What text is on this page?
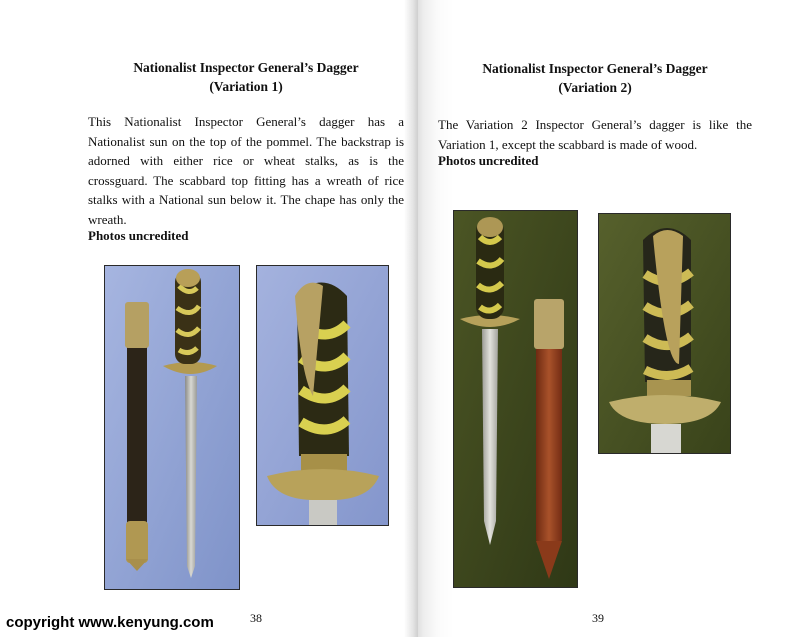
Nationalist Inspector General’s Dagger
(Variation 1)
This Nationalist Inspector General’s dagger has a Nationalist sun on the top of the pommel. The backstrap is adorned with either rice or wheat stalks, as is the crossguard. The scabbard top fitting has a wreath of rice stalks with a National sun below it. The chape has only the wreath.
Photos uncredited
38
Nationalist Inspector General’s Dagger
(Variation 2)
The Variation 2 Inspector General’s dagger is like the Variation 1, except the scabbard is made of wood.
Photos uncredited
39
copyright www.kenyung.com
